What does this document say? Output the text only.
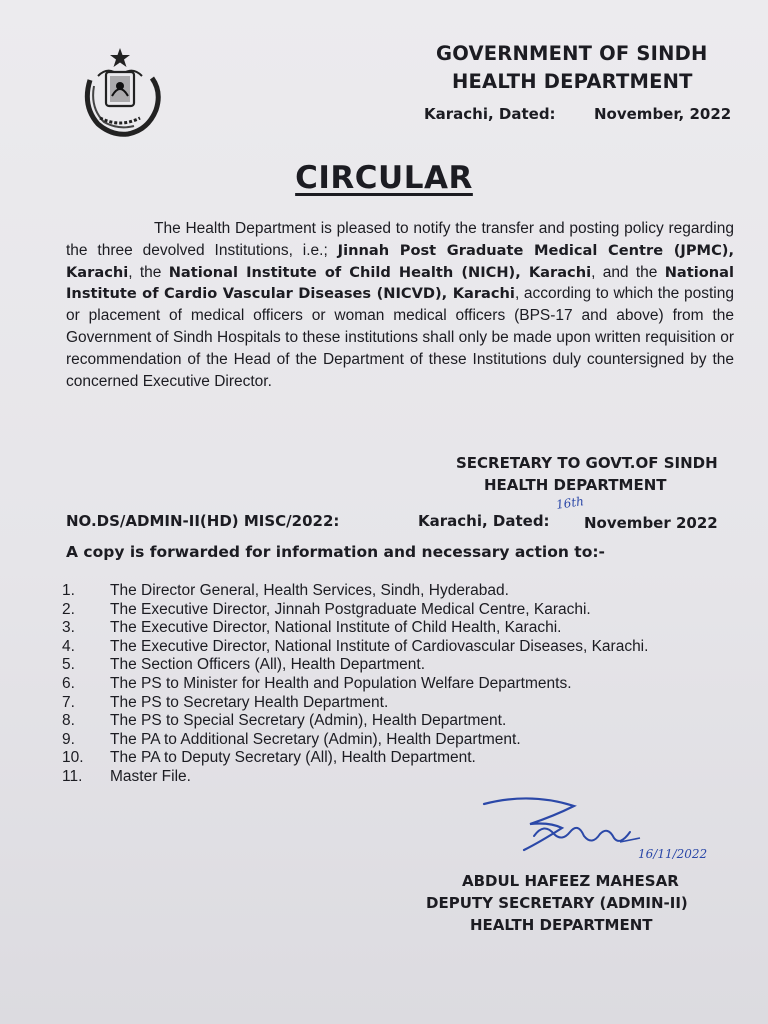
GOVERNMENT OF SINDH
HEALTH DEPARTMENT
Karachi, Dated:	November, 2022
CIRCULAR
The Health Department is pleased to notify the transfer and posting policy regarding the three devolved Institutions, i.e.; Jinnah Post Graduate Medical Centre (JPMC), Karachi, the National Institute of Child Health (NICH), Karachi, and the National Institute of Cardio Vascular Diseases (NICVD), Karachi, according to which the posting or placement of medical officers or woman medical officers (BPS-17 and above) from the Government of Sindh Hospitals to these institutions shall only be made upon written requisition or recommendation of the Head of the Department of these Institutions duly countersigned by the concerned Executive Director.
SECRETARY TO GOVT.OF SINDH
HEALTH DEPARTMENT
16th
NO.DS/ADMIN-II(HD) MISC/2022:	Karachi, Dated: November 2022
A copy is forwarded for information and necessary action to:-
1.	The Director General, Health Services, Sindh, Hyderabad.
2.	The Executive Director, Jinnah Postgraduate Medical Centre, Karachi.
3.	The Executive Director, National Institute of Child Health, Karachi.
4.	The Executive Director, National Institute of Cardiovascular Diseases, Karachi.
5.	The Section Officers (All), Health Department.
6.	The PS to Minister for Health and Population Welfare Departments.
7.	The PS to Secretary Health Department.
8.	The PS to Special Secretary (Admin), Health Department.
9.	The PA to Additional Secretary (Admin), Health Department.
10.	The PA to Deputy Secretary (All), Health Department.
11.	Master File.
16/11/2022
ABDUL HAFEEZ MAHESAR
DEPUTY SECRETARY (ADMIN-II)
HEALTH DEPARTMENT
